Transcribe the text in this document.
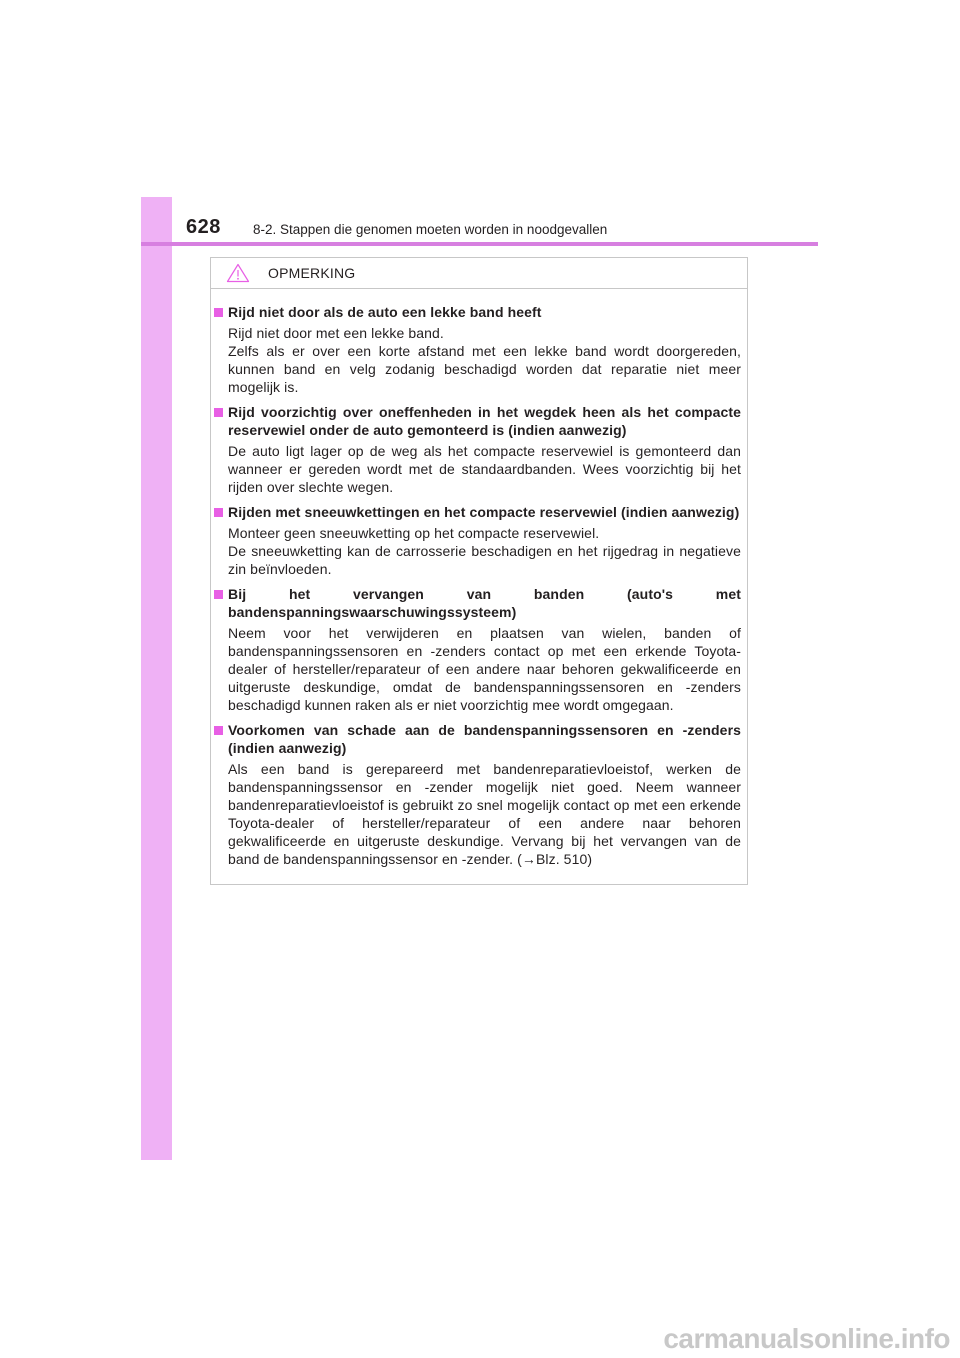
628 8-2. Stappen die genomen moeten worden in noodgevallen
OPMERKING
Rijd niet door als de auto een lekke band heeft
Rijd niet door met een lekke band.
Zelfs als er over een korte afstand met een lekke band wordt doorgereden, kunnen band en velg zodanig beschadigd worden dat reparatie niet meer mogelijk is.
Rijd voorzichtig over oneffenheden in het wegdek heen als het compacte reservewiel onder de auto gemonteerd is (indien aanwezig)
De auto ligt lager op de weg als het compacte reservewiel is gemonteerd dan wanneer er gereden wordt met de standaardbanden. Wees voorzichtig bij het rijden over slechte wegen.
Rijden met sneeuwkettingen en het compacte reservewiel (indien aanwezig)
Monteer geen sneeuwketting op het compacte reservewiel.
De sneeuwketting kan de carrosserie beschadigen en het rijgedrag in negatieve zin beïnvloeden.
Bij het vervangen van banden (auto's met bandenspanningswaarschuwingssysteem)
Neem voor het verwijderen en plaatsen van wielen, banden of bandenspanningssensoren en -zenders contact op met een erkende Toyota-dealer of hersteller/reparateur of een andere naar behoren gekwalificeerde en uitgeruste deskundige, omdat de bandenspanningssensoren en -zenders beschadigd kunnen raken als er niet voorzichtig mee wordt omgegaan.
Voorkomen van schade aan de bandenspanningssensoren en -zenders (indien aanwezig)
Als een band is gerepareerd met bandenreparatievloeistof, werken de bandenspanningssensor en -zender mogelijk niet goed. Neem wanneer bandenreparatievloeistof is gebruikt zo snel mogelijk contact op met een erkende Toyota-dealer of hersteller/reparateur of een andere naar behoren gekwalificeerde en uitgeruste deskundige. Vervang bij het vervangen van de band de bandenspanningssensor en -zender. (→Blz. 510)
carmanualsonline.info
